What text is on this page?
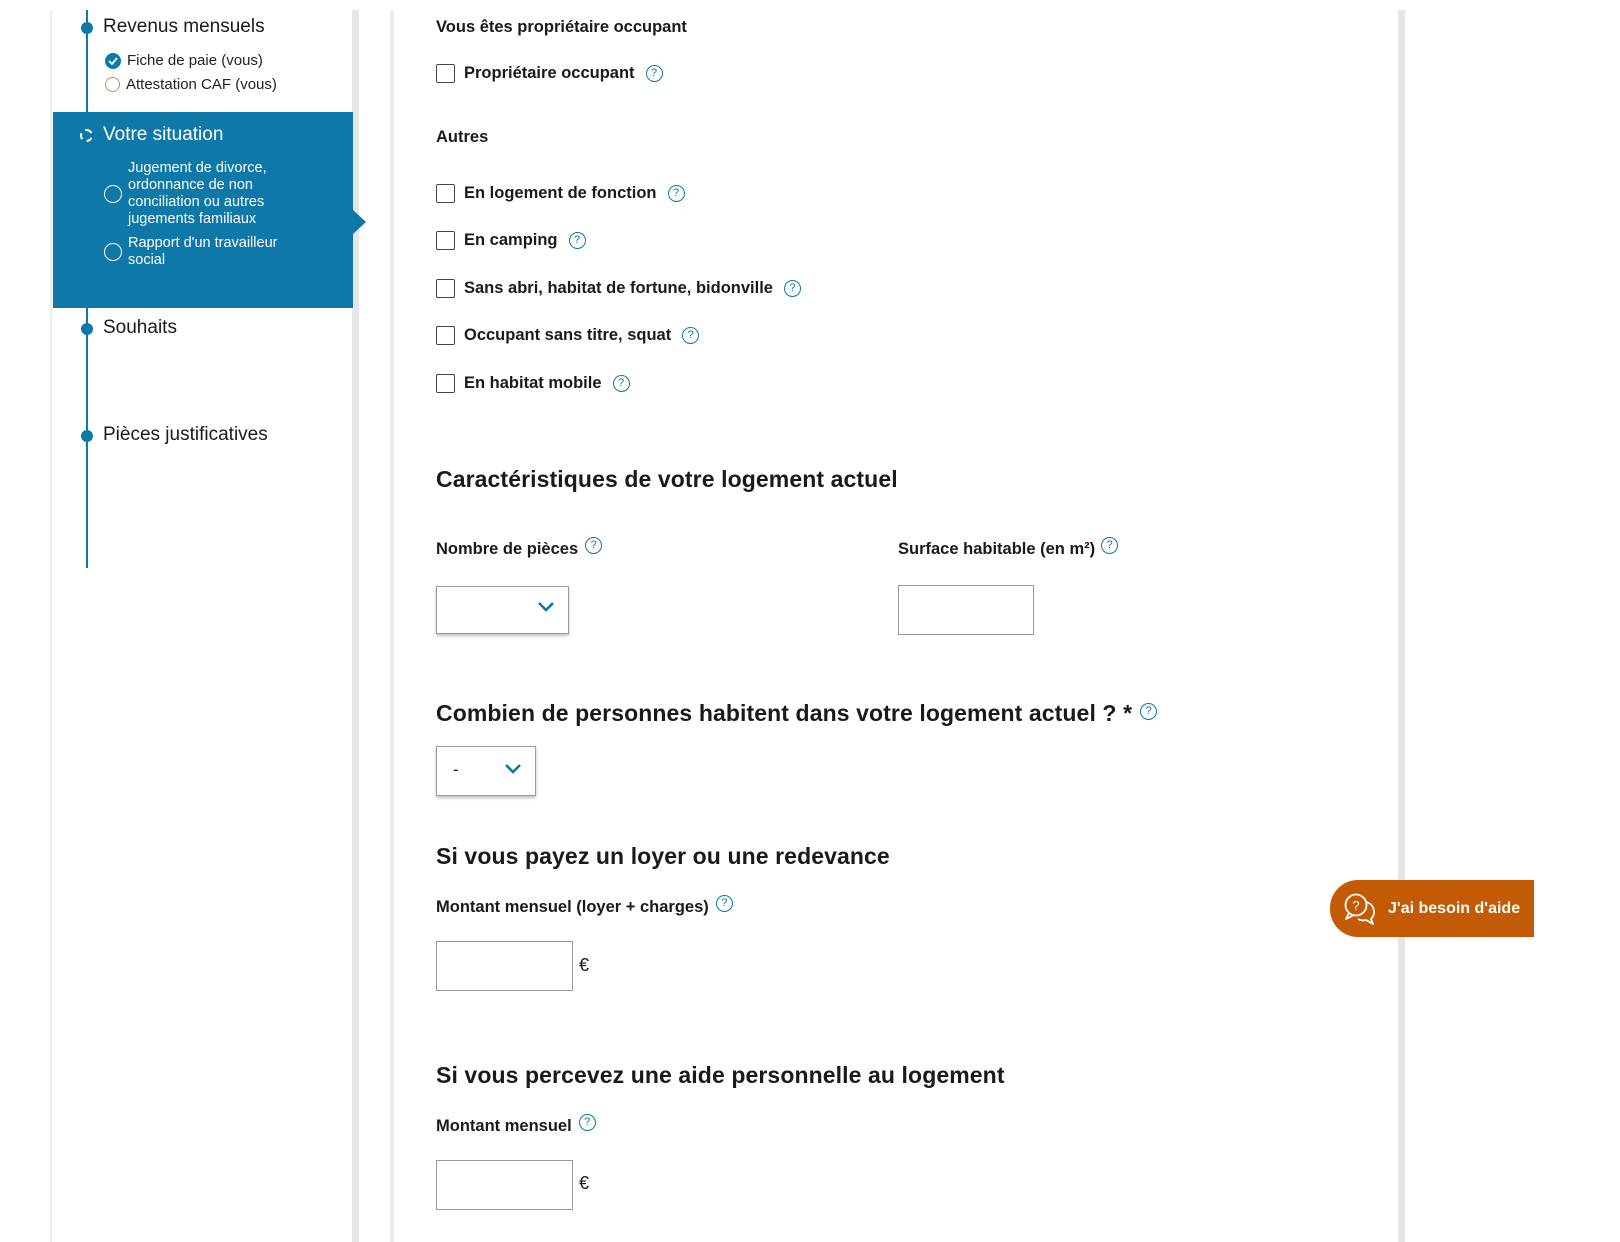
Revenus mensuels
Fiche de paie (vous)
Attestation CAF (vous)
Votre situation
Jugement de divorce, ordonnance de non conciliation ou autres jugements familiaux
Rapport d'un travailleur social
Souhaits
Pièces justificatives
Vous êtes propriétaire occupant
Propriétaire occupant	?
Autres
En logement de fonction	?
En camping	?
Sans abri, habitat de fortune, bidonville	?
Occupant sans titre, squat	?
En habitat mobile	?
Caractéristiques de votre logement actuel
Nombre de pièces	?	Surface habitable (en m²)	?
Combien de personnes habitent dans votre logement actuel ? *	?
-
Si vous payez un loyer ou une redevance
Montant mensuel (loyer + charges)	?
€
Si vous percevez une aide personnelle au logement
Montant mensuel	?
€
? J'ai besoin d'aide
